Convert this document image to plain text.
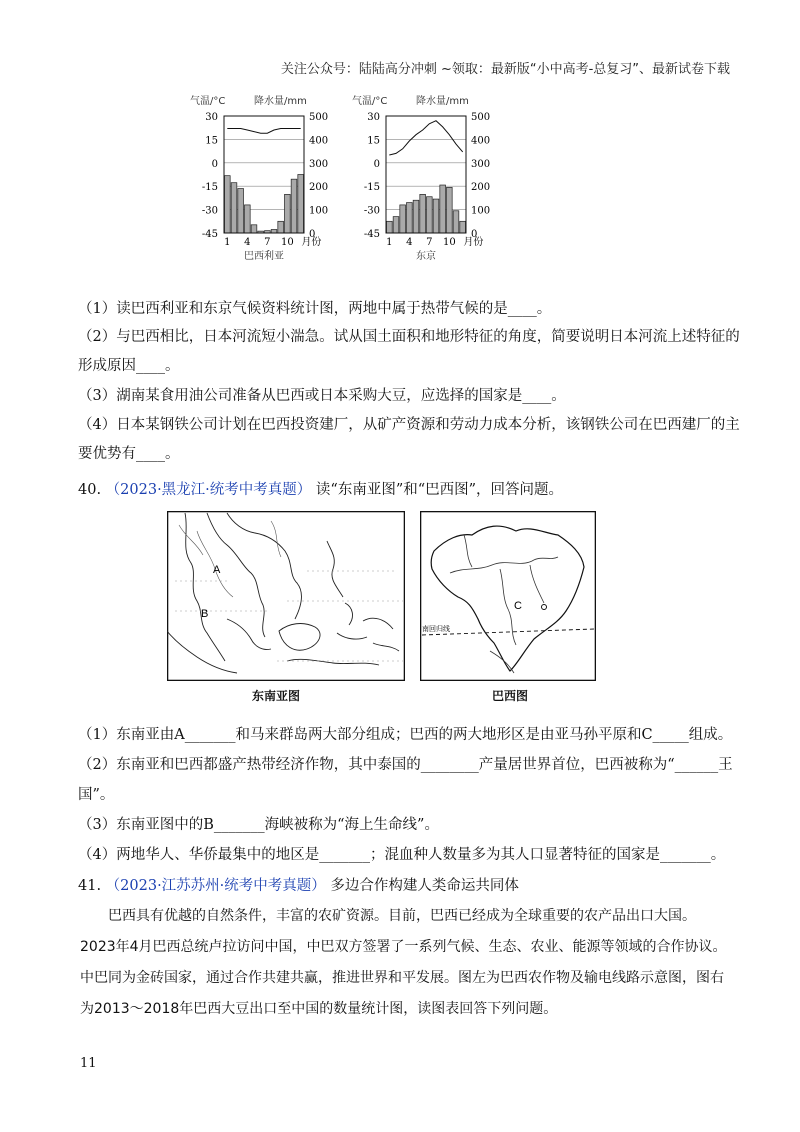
关注公众号：陆陆高分冲刺 ~领取：最新版“小中高考-总复习”、最新试卷下载
气温/°C	降水量/mm
30
15
0
-15
-30
-45
500
400
300
200
100
0
1 4 7 10 月份
巴西利亚
气温/°C	降水量/mm
30
15
0
-15
-30
-45
500
400
300
200
100
0
1 4 7 10 月份
东京
（1）读巴西利亚和东京气候资料统计图，两地中属于热带气候的是____。
（2）与巴西相比，日本河流短小湍急。试从国土面积和地形特征的角度，简要说明日本河流上述特征的
形成原因____。
（3）湖南某食用油公司准备从巴西或日本采购大豆，应选择的国家是____。
（4）日本某钢铁公司计划在巴西投资建厂，从矿产资源和劳动力成本分析，该钢铁公司在巴西建厂的主
要优势有____。
40. （2023·黑龙江·统考中考真题） 读“东南亚图”和“巴西图”，回答问题。
A
B
东南亚图
南回归线
C
巴西图
（1）东南亚由A_______和马来群岛两大部分组成；巴西的两大地形区是由亚马孙平原和C_____组成。
（2）东南亚和巴西都盛产热带经济作物，其中泰国的________产量居世界首位，巴西被称为“______王
国”。
（3）东南亚图中的B_______海峡被称为“海上生命线”。
（4）两地华人、华侨最集中的地区是_______；混血种人数量多为其人口显著特征的国家是_______。
41. （2023·江苏苏州·统考中考真题） 多边合作构建人类命运共同体
巴西具有优越的自然条件，丰富的农矿资源。目前，巴西已经成为全球重要的农产品出口大国。2023年4月巴西总统卢拉访问中国，中巴双方签署了一系列气候、生态、农业、能源等领域的合作协议。中巴同为金砖国家，通过合作共建共赢，推进世界和平发展。图左为巴西农作物及输电线路示意图，图右为2013～2018年巴西大豆出口至中国的数量统计图，读图表回答下列问题。
11
